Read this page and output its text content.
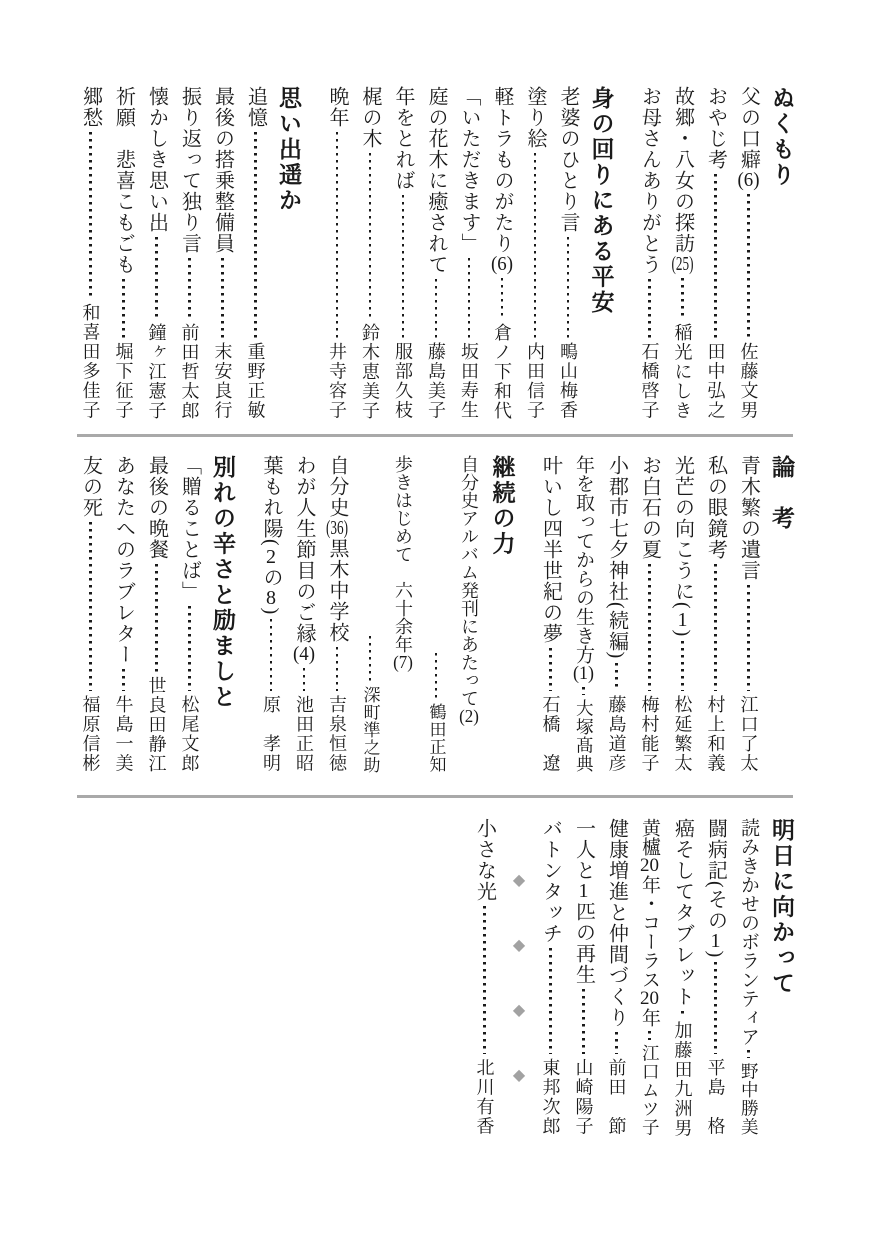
ぬくもり
父の口癖(6)
佐藤文男
おやじ考
田中弘之
故郷・八女の探訪(25)
稲光にしき
お母さんありがとう
石橋啓子
身の回りにある平安
老婆のひとり言
鴫山梅香
塗り絵
内田信子
軽トラものがたり(6)
倉ノ下和代
「いただきます」
坂田寿生
庭の花木に癒されて
藤島美子
年をとれば
服部久枝
梶の木
鈴木恵美子
晩年
井寺容子
思い出遥か
追憶
重野正敏
最後の搭乗整備員
末安良行
振り返って独り言
前田哲太郎
懐かしき思い出
鐘ヶ江憲子
祈願　悲喜こもごも
堀下征子
郷愁
和喜田多佳子
論　考
青木繁の遺言
江口了太
私の眼鏡考
村上和義
光芒の向こうに(1)
松延繁太
お白石の夏
梅村能子
小郡市七夕神社(続編)
藤島道彦
年を取ってからの生き方(1)
大塚髙典
叶いし四半世紀の夢
石橋　遼
継続の力
自分史アルバム発刊にあたって(2)
鶴田正知
歩きはじめて　六十余年(7)
深町準之助
自分史(36)黒木中学校
吉泉恒徳
わが人生節目のご縁(4)
池田正昭
葉もれ陽(2の8)
原　孝明
別れの辛さと励ましと
「贈ることば」
松尾文郎
最後の晩餐
世良田静江
あなたへのラブレター
牛島一美
友の死
福原信彬
明日に向かって
読みきかせのボランティア
野中勝美
闘病記(その1)
平島　格
癌そしてタブレット
加藤田九洲男
黄櫨20年・コーラス20年
江口ムツ子
健康増進と仲間づくり
前田　節
一人と1匹の再生
山崎陽子
バトンタッチ
東邦次郎
◆
◆
◆
◆
小さな光
北川有香
